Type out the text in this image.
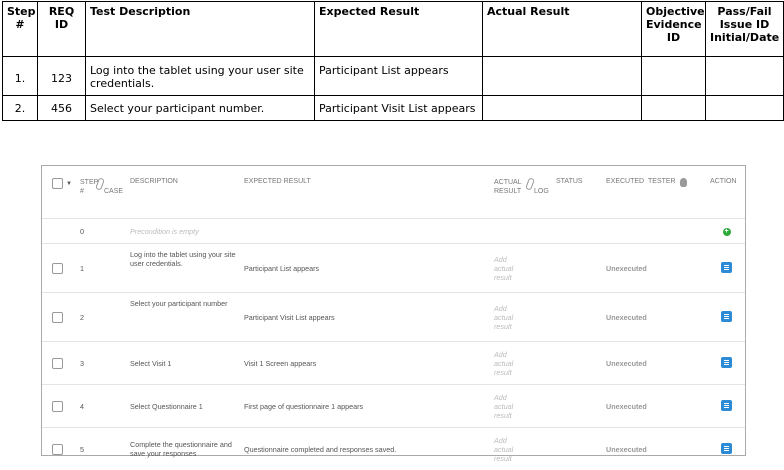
Step #	REQ ID	Test Description	Expected Result	Actual Result	Objective Evidence ID	Pass/Fail Issue ID Initial/Date
1.	123	Log into the tablet using your user site credentials.	Participant List appears			
2.	456	Select your participant number.	Participant Visit List appears			
▼	STEP # CASE	DESCRIPTION	EXPECTED RESULT	ACTUAL RESULT LOG	STATUS	EXECUTED	TESTER	ACTION
	0	Precondition is empty						+
	1	Log into the tablet using your site user credentials.	Participant List appears	Add actual result		Unexecuted		

	2	Select your participant number	Participant Visit List appears	Add actual result		Unexecuted		

	3	Select Visit 1	Visit 1 Screen appears	Add actual result		Unexecuted		

	4	Select Questionnaire 1	First page of questionnaire 1 appears	Add actual result		Unexecuted		

	5	Complete the questionnaire and save your responses	Questionnaire completed and responses saved.	Add actual result		Unexecuted		
